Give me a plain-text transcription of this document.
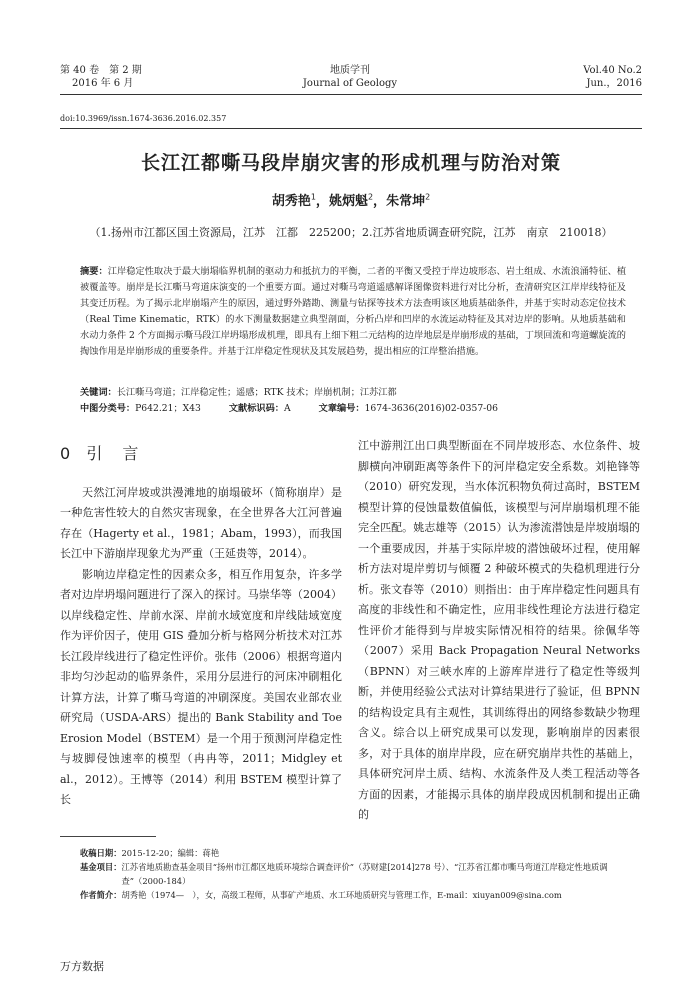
第 40 卷　第 2 期
2016 年 6 月
地质学刊
Journal of Geology
Vol.40 No.2
Jun.，2016
doi:10.3969/issn.1674-3636.2016.02.357
长江江都嘶马段岸崩灾害的形成机理与防治对策
胡秀艳$^1$，姚炳魁$^2$，朱常坤$^2$
（1.扬州市江都区国土资源局，江苏　江都　225200；2.江苏省地质调查研究院，江苏　南京　210018）
摘要：江岸稳定性取决于最大崩塌临界机制的驱动力和抵抗力的平衡，二者的平衡又受控于岸边坡形态、岩土组成、水流浪涌特征、植被覆盖等。崩岸是长江嘶马弯道床演变的一个重要方面。通过对嘶马弯道遥感解译图像资料进行对比分析，查清研究区江岸岸线特征及其变迁历程。为了揭示北岸崩塌产生的原因，通过野外踏勘、测量与钻探等技术方法查明该区地质基础条件，并基于实时动态定位技术（Real Time Kinematic，RTK）的水下测量数据建立典型剖面，分析凸岸和凹岸的水流运动特征及其对边岸的影响。从地质基础和水动力条件 2 个方面揭示嘶马段江岸坍塌形成机理，即具有上细下粗二元结构的边岸地层是岸崩形成的基础，丁坝回流和弯道螺旋流的掏蚀作用是岸崩形成的重要条件。并基于江岸稳定性现状及其发展趋势，提出相应的江岸整治措施。
关键词：长江嘶马弯道；江岸稳定性；遥感；RTK 技术；岸崩机制；江苏江都
中图分类号：P642.21；X43	文献标识码：A	文章编号：1674-3636(2016)02-0357-06
0 引　言

天然江河岸坡或洪漫滩地的崩塌破坏（简称崩岸）是一种危害性较大的自然灾害现象，在全世界各大江河普遍存在（Hagerty et al.，1981；Abam，1993），而我国长江中下游崩岸现象尤为严重（王延贵等，2014）。

影响边岸稳定性的因素众多，相互作用复杂，许多学者对边岸坍塌问题进行了深入的探讨。马崇华等（2004）以岸线稳定性、岸前水深、岸前水域宽度和岸线陆域宽度作为评价因子，使用 GIS 叠加分析与格网分析技术对江苏长江段岸线进行了稳定性评价。张伟（2006）根据弯道内非均匀沙起动的临界条件，采用分层进行的河床冲刷粗化计算方法，计算了嘶马弯道的冲刷深度。美国农业部农业研究局（USDA-ARS）提出的 Bank Stability and Toe Erosion Model（BSTEM）是一个用于预测河岸稳定性与坡脚侵蚀速率的模型（冉冉等，2011；Midgley et al.，2012）。王博等（2014）利用 BSTEM 模型计算了长

江中游荆江出口典型断面在不同岸坡形态、水位条件、坡脚横向冲刷距离等条件下的河岸稳定安全系数。刘艳锋等（2010）研究发现，当水体沉积物负荷过高时，BSTEM 模型计算的侵蚀量数值偏低，该模型与河岸崩塌机理不能完全匹配。姚志雄等（2015）认为渗流潜蚀是岸坡崩塌的一个重要成因，并基于实际岸坡的潜蚀破坏过程，使用解析方法对堤岸剪切与倾覆 2 种破坏模式的失稳机理进行分析。张文春等（2010）则指出：由于库岸稳定性问题具有高度的非线性和不确定性，应用非线性理论方法进行稳定性评价才能得到与岸坡实际情况相符的结果。徐佩华等（2007）采用 Back Propagation Neural Networks（BPNN）对三峡水库的上游库岸进行了稳定性等级判断，并使用经验公式法对计算结果进行了验证，但 BPNN 的结构设定具有主观性，其训练得出的网络参数缺少物理含义。综合以上研究成果可以发现，影响崩岸的因素很多，对于具体的崩岸岸段，应在研究崩岸共性的基础上，具体研究河岸土质、结构、水流条件及人类工程活动等各方面的因素，才能揭示具体的崩岸段成因机制和提出正确的

收稿日期： 2015-12-20；编辑：蒋艳
基金项目： 江苏省地质勘查基金项目“扬州市江都区地质环境综合调查评价”（苏财建[2014]278 号）、“江苏省江都市嘶马弯道江岸稳定性地质调查”（2000-184）
作者简介： 胡秀艳（1974—　），女，高级工程师，从事矿产地质、水工环地质研究与管理工作，E-mail：xiuyan009@sina.com
万方数据
